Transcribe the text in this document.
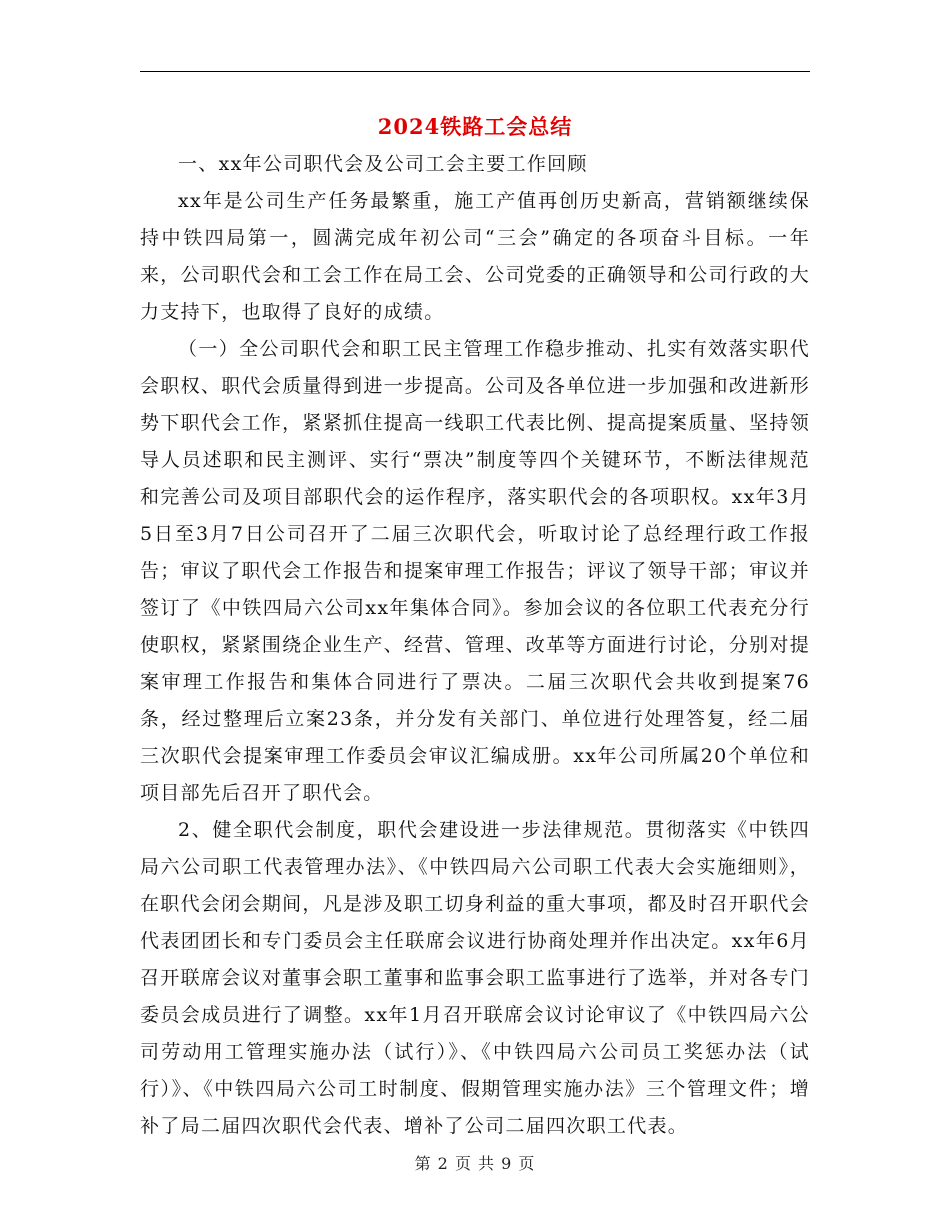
2024铁路工会总结

一、xx年公司职代会及公司工会主要工作回顾

xx年是公司生产任务最繁重，施工产值再创历史新高，营销额继续保持中铁四局第一，圆满完成年初公司“三会”确定的各项奋斗目标。一年来，公司职代会和工会工作在局工会、公司党委的正确领导和公司行政的大力支持下，也取得了良好的成绩。

（一）全公司职代会和职工民主管理工作稳步推动、扎实有效落实职代会职权、职代会质量得到进一步提高。公司及各单位进一步加强和改进新形势下职代会工作，紧紧抓住提高一线职工代表比例、提高提案质量、坚持领导人员述职和民主测评、实行“票决”制度等四个关键环节，不断法律规范和完善公司及项目部职代会的运作程序，落实职代会的各项职权。xx年3月5日至3月7日公司召开了二届三次职代会，听取讨论了总经理行政工作报告；审议了职代会工作报告和提案审理工作报告；评议了领导干部；审议并签订了《中铁四局六公司xx年集体合同》。参加会议的各位职工代表充分行使职权，紧紧围绕企业生产、经营、管理、改革等方面进行讨论，分别对提案审理工作报告和集体合同进行了票决。二届三次职代会共收到提案76条，经过整理后立案23条，并分发有关部门、单位进行处理答复，经二届三次职代会提案审理工作委员会审议汇编成册。xx年公司所属20个单位和项目部先后召开了职代会。

2、健全职代会制度，职代会建设进一步法律规范。贯彻落实《中铁四局六公司职工代表管理办法》、《中铁四局六公司职工代表大会实施细则》，在职代会闭会期间，凡是涉及职工切身利益的重大事项，都及时召开职代会代表团团长和专门委员会主任联席会议进行协商处理并作出决定。xx年6月召开联席会议对董事会职工董事和监事会职工监事进行了选举，并对各专门委员会成员进行了调整。xx年1月召开联席会议讨论审议了《中铁四局六公司劳动用工管理实施办法（试行）》、《中铁四局六公司员工奖惩办法（试行）》、《中铁四局六公司工时制度、假期管理实施办法》三个管理文件；增补了局二届四次职代会代表、增补了公司二届四次职工代表。

第 2 页 共 9 页
